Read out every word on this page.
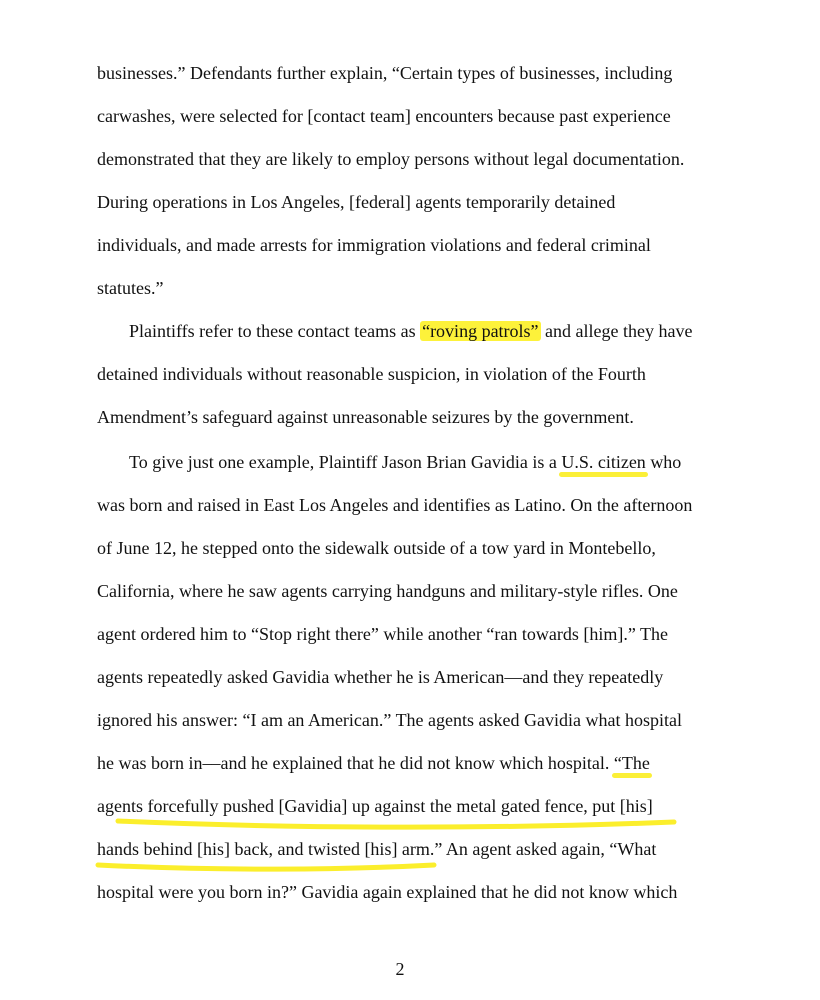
businesses.” Defendants further explain, “Certain types of businesses, including
carwashes, were selected for [contact team] encounters because past experience
demonstrated that they are likely to employ persons without legal documentation.
During operations in Los Angeles, [federal] agents temporarily detained
individuals, and made arrests for immigration violations and federal criminal
statutes.”
Plaintiffs refer to these contact teams as “roving patrols” and allege they have
detained individuals without reasonable suspicion, in violation of the Fourth
Amendment’s safeguard against unreasonable seizures by the government.
To give just one example, Plaintiff Jason Brian Gavidia is a U.S. citizen who
was born and raised in East Los Angeles and identifies as Latino. On the afternoon
of June 12, he stepped onto the sidewalk outside of a tow yard in Montebello,
California, where he saw agents carrying handguns and military-style rifles. One
agent ordered him to “Stop right there” while another “ran towards [him].” The
agents repeatedly asked Gavidia whether he is American—and they repeatedly
ignored his answer: “I am an American.” The agents asked Gavidia what hospital
he was born in––and he explained that he did not know which hospital. “The
agents forcefully pushed [Gavidia] up against the metal gated fence, put [his]
hands behind [his] back, and twisted [his] arm.” An agent asked again, “What
hospital were you born in?” Gavidia again explained that he did not know which
2
